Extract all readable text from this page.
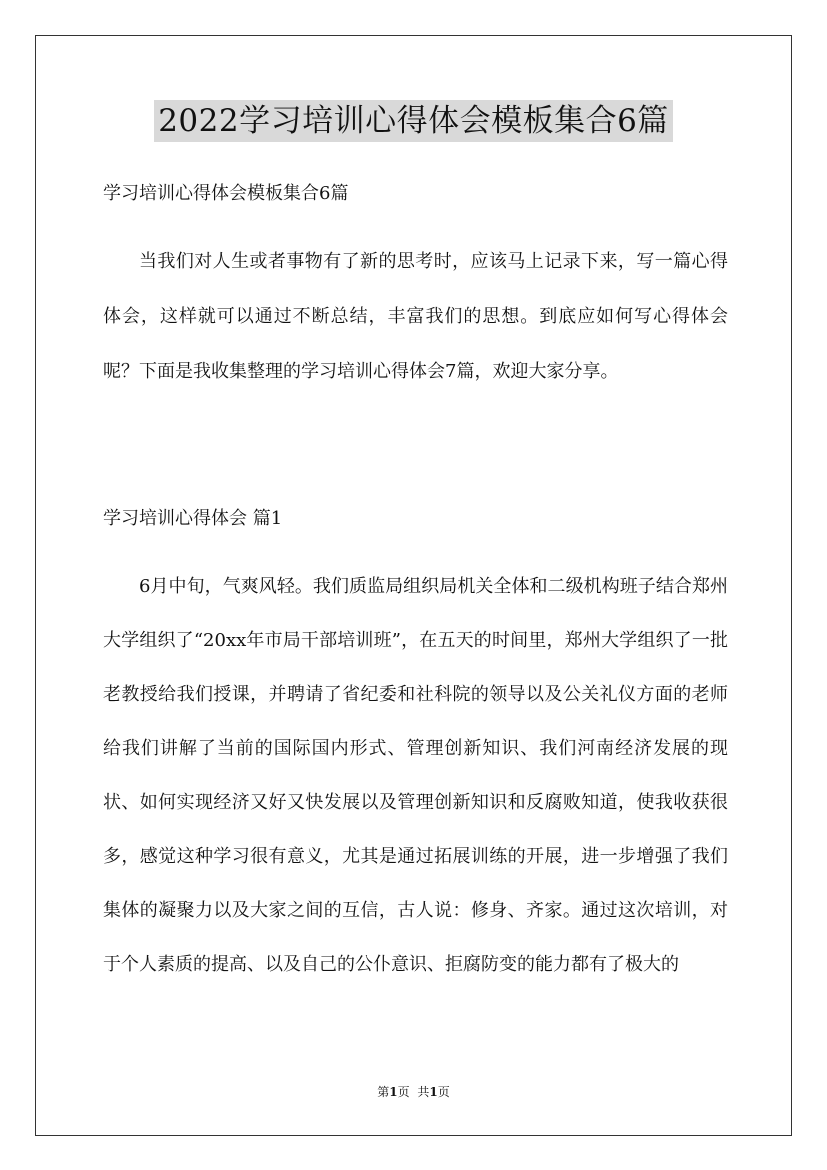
2022学习培训心得体会模板集合6篇
学习培训心得体会模板集合6篇
当我们对人生或者事物有了新的思考时，应该马上记录下来，写一篇心得体会，这样就可以通过不断总结，丰富我们的思想。到底应如何写心得体会呢？下面是我收集整理的学习培训心得体会7篇，欢迎大家分享。
学习培训心得体会 篇1
6月中旬，气爽风轻。我们质监局组织局机关全体和二级机构班子结合郑州大学组织了“20xx年市局干部培训班”，在五天的时间里，郑州大学组织了一批老教授给我们授课，并聘请了省纪委和社科院的领导以及公关礼仪方面的老师给我们讲解了当前的国际国内形式、管理创新知识、我们河南经济发展的现状、如何实现经济又好又快发展以及管理创新知识和反腐败知道，使我收获很多，感觉这种学习很有意义，尤其是通过拓展训练的开展，进一步增强了我们集体的凝聚力以及大家之间的互信，古人说：修身、齐家。通过这次培训，对于个人素质的提高、以及自己的公仆意识、拒腐防变的能力都有了极大的
第1页 共1页
